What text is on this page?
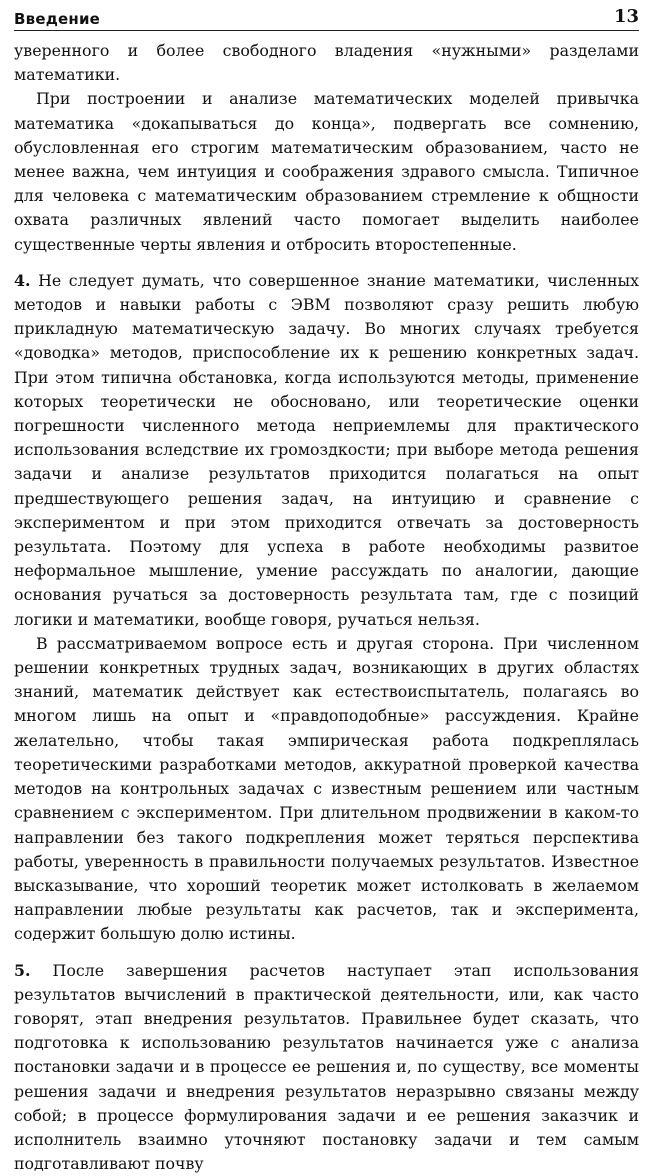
Введение	13

уверенного и более свободного владения «нужными» разделами математики.

При построении и анализе математических моделей привычка математика «докапываться до конца», подвергать все сомнению, обусловленная его строгим математическим образованием, часто не менее важна, чем интуиция и соображения здравого смысла. Типичное для человека с математическим образованием стремление к общности охвата различных явлений часто помогает выделить наиболее существенные черты явления и отбросить второстепенные.

4. Не следует думать, что совершенное знание математики, численных методов и навыки работы с ЭВМ позволяют сразу решить любую прикладную математическую задачу. Во многих случаях требуется «доводка» методов, приспособление их к решению конкретных задач. При этом типична обстановка, когда используются методы, применение которых теоретически не обосновано, или теоретические оценки погрешности численного метода неприемлемы для практического использования вследствие их громоздкости; при выборе метода решения задачи и анализе результатов приходится полагаться на опыт предшествующего решения задач, на интуицию и сравнение с экспериментом и при этом приходится отвечать за достоверность результата. Поэтому для успеха в работе необходимы развитое неформальное мышление, умение рассуждать по аналогии, дающие основания ручаться за достоверность результата там, где с позиций логики и математики, вообще говоря, ручаться нельзя.

В рассматриваемом вопросе есть и другая сторона. При численном решении конкретных трудных задач, возникающих в других областях знаний, математик действует как естествоиспытатель, полагаясь во многом лишь на опыт и «правдоподобные» рассуждения. Крайне желательно, чтобы такая эмпирическая работа подкреплялась теоретическими разработками методов, аккуратной проверкой качества методов на контрольных задачах с известным решением или частным сравнением с экспериментом. При длительном продвижении в каком-то направлении без такого подкрепления может теряться перспектива работы, уверенность в правильности получаемых результатов. Известное высказывание, что хороший теоретик может истолковать в желаемом направлении любые результаты как расчетов, так и эксперимента, содержит большую долю истины.

5. После завершения расчетов наступает этап использования результатов вычислений в практической деятельности, или, как часто говорят, этап внедрения результатов. Правильнее будет сказать, что подготовка к использованию результатов начинается уже с анализа постановки задачи и в процессе ее решения и, по существу, все моменты решения задачи и внедрения результатов неразрывно связаны между собой; в процессе формулирования задачи и ее решения заказчик и исполнитель взаимно уточняют постановку задачи и тем самым подготавливают почву
